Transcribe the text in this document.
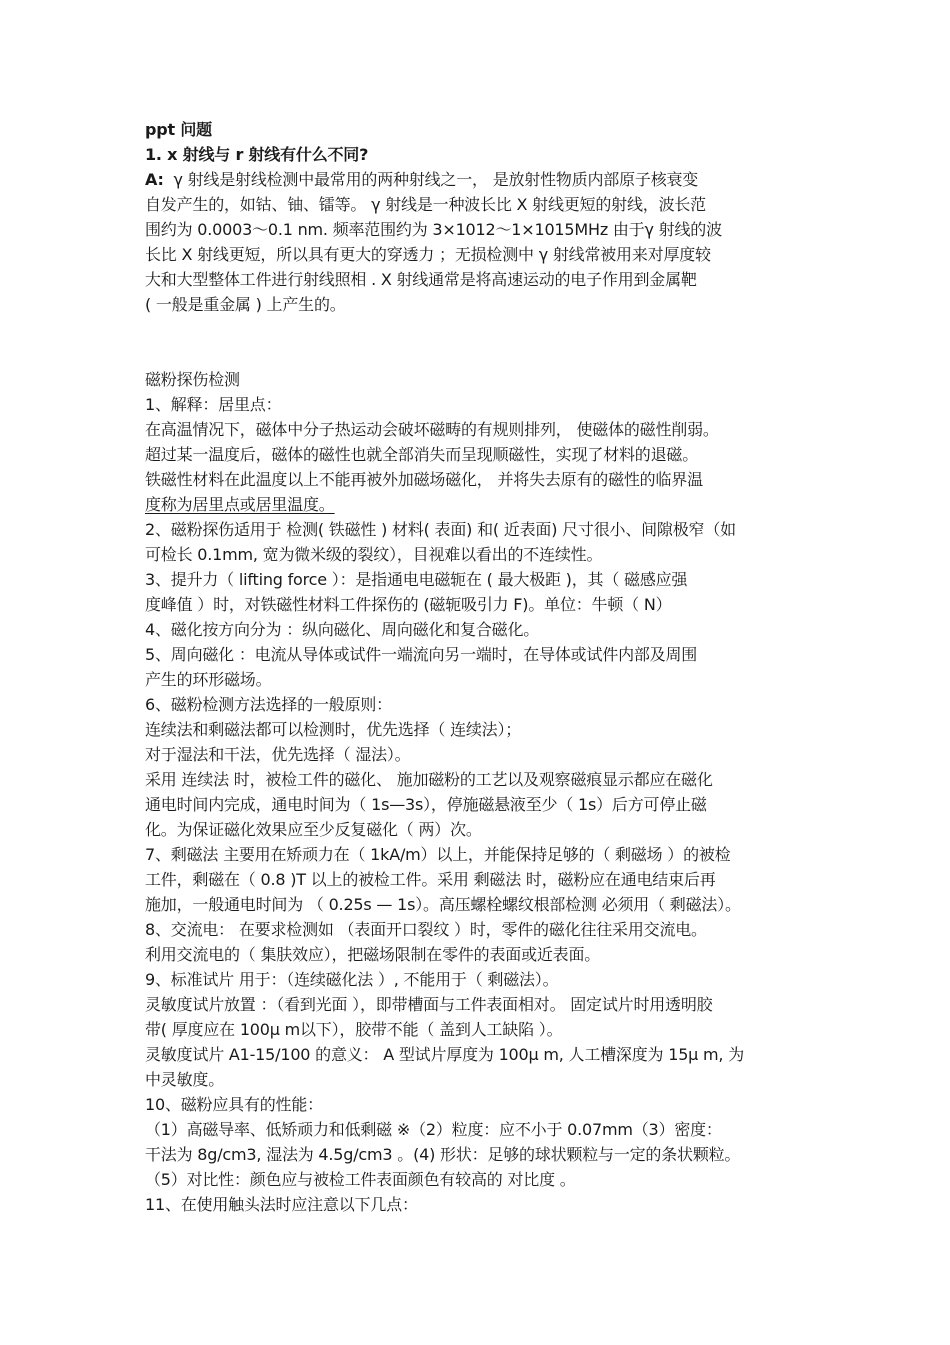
ppt 问题
1. x 射线与 r 射线有什么不同?
A: γ 射线是射线检测中最常用的两种射线之一， 是放射性物质内部原子核衰变
自发产生的，如钴、铀、镭等。 γ 射线是一种波长比 X 射线更短的射线，波长范
围约为 0.0003～0.1 nm. 频率范围约为 3×1012～1×1015MHz 由于γ 射线的波
长比 X 射线更短，所以具有更大的穿透力 ；无损检测中 γ 射线常被用来对厚度较
大和大型整体工件进行射线照相 . X 射线通常是将高速运动的电子作用到金属靶
( 一般是重金属 ) 上产生的。
磁粉探伤检测
1、解释：居里点：
在高温情况下，磁体中分子热运动会破坏磁畴的有规则排列， 使磁体的磁性削弱。
超过某一温度后，磁体的磁性也就全部消失而呈现顺磁性，实现了材料的退磁。
铁磁性材料在此温度以上不能再被外加磁场磁化， 并将失去原有的磁性的临界温
度称为居里点或居里温度。
2、磁粉探伤适用于 检测( 铁磁性 ) 材料( 表面) 和( 近表面) 尺寸很小、间隙极窄（如
可检长 0.1mm, 宽为微米级的裂纹），目视难以看出的不连续性。
3、提升力（ lifting force ）：是指通电电磁轭在 ( 最大极距 )，其（ 磁感应强
度峰值 ）时，对铁磁性材料工件探伤的 (磁轭吸引力 F)。单位：牛顿（ N）
4、磁化按方向分为 ：纵向磁化、周向磁化和复合磁化。
5、周向磁化 ：电流从导体或试件一端流向另一端时，在导体或试件内部及周围
产生的环形磁场。
6、磁粉检测方法选择的一般原则：
连续法和剩磁法都可以检测时，优先选择（ 连续法）；
对于湿法和干法，优先选择（ 湿法）。
采用 连续法 时，被检工件的磁化、 施加磁粉的工艺以及观察磁痕显示都应在磁化
通电时间内完成，通电时间为（ 1s—3s），停施磁悬液至少（ 1s）后方可停止磁
化。为保证磁化效果应至少反复磁化（ 两）次。
7、剩磁法 主要用在矫顽力在（ 1kA/m）以上，并能保持足够的（ 剩磁场 ）的被检
工件，剩磁在（ 0.8 )T 以上的被检工件。采用 剩磁法 时，磁粉应在通电结束后再
施加，一般通电时间为 （ 0.25s — 1s）。高压螺栓螺纹根部检测 必须用（ 剩磁法）。
8、交流电： 在要求检测如 （表面开口裂纹 ）时，零件的磁化往往采用交流电。
利用交流电的（ 集肤效应），把磁场限制在零件的表面或近表面。
9、标准试片 用于：（连续磁化法 ）, 不能用于（ 剩磁法）。
灵敏度试片放置 ：（看到光面 ），即带槽面与工件表面相对。 固定试片时用透明胶
带( 厚度应在 100μ m以下），胶带不能（ 盖到人工缺陷 ）。
灵敏度试片 A1-15/100 的意义： A 型试片厚度为 100μ m, 人工槽深度为 15μ m, 为
中灵敏度。
10、磁粉应具有的性能：
（1）高磁导率、低矫顽力和低剩磁 ※（2）粒度：应不小于 0.07mm（3）密度：
干法为 8g/cm3, 湿法为 4.5g/cm3 。(4) 形状：足够的球状颗粒与一定的条状颗粒。
（5）对比性：颜色应与被检工件表面颜色有较高的 对比度 。
11、在使用触头法时应注意以下几点：
